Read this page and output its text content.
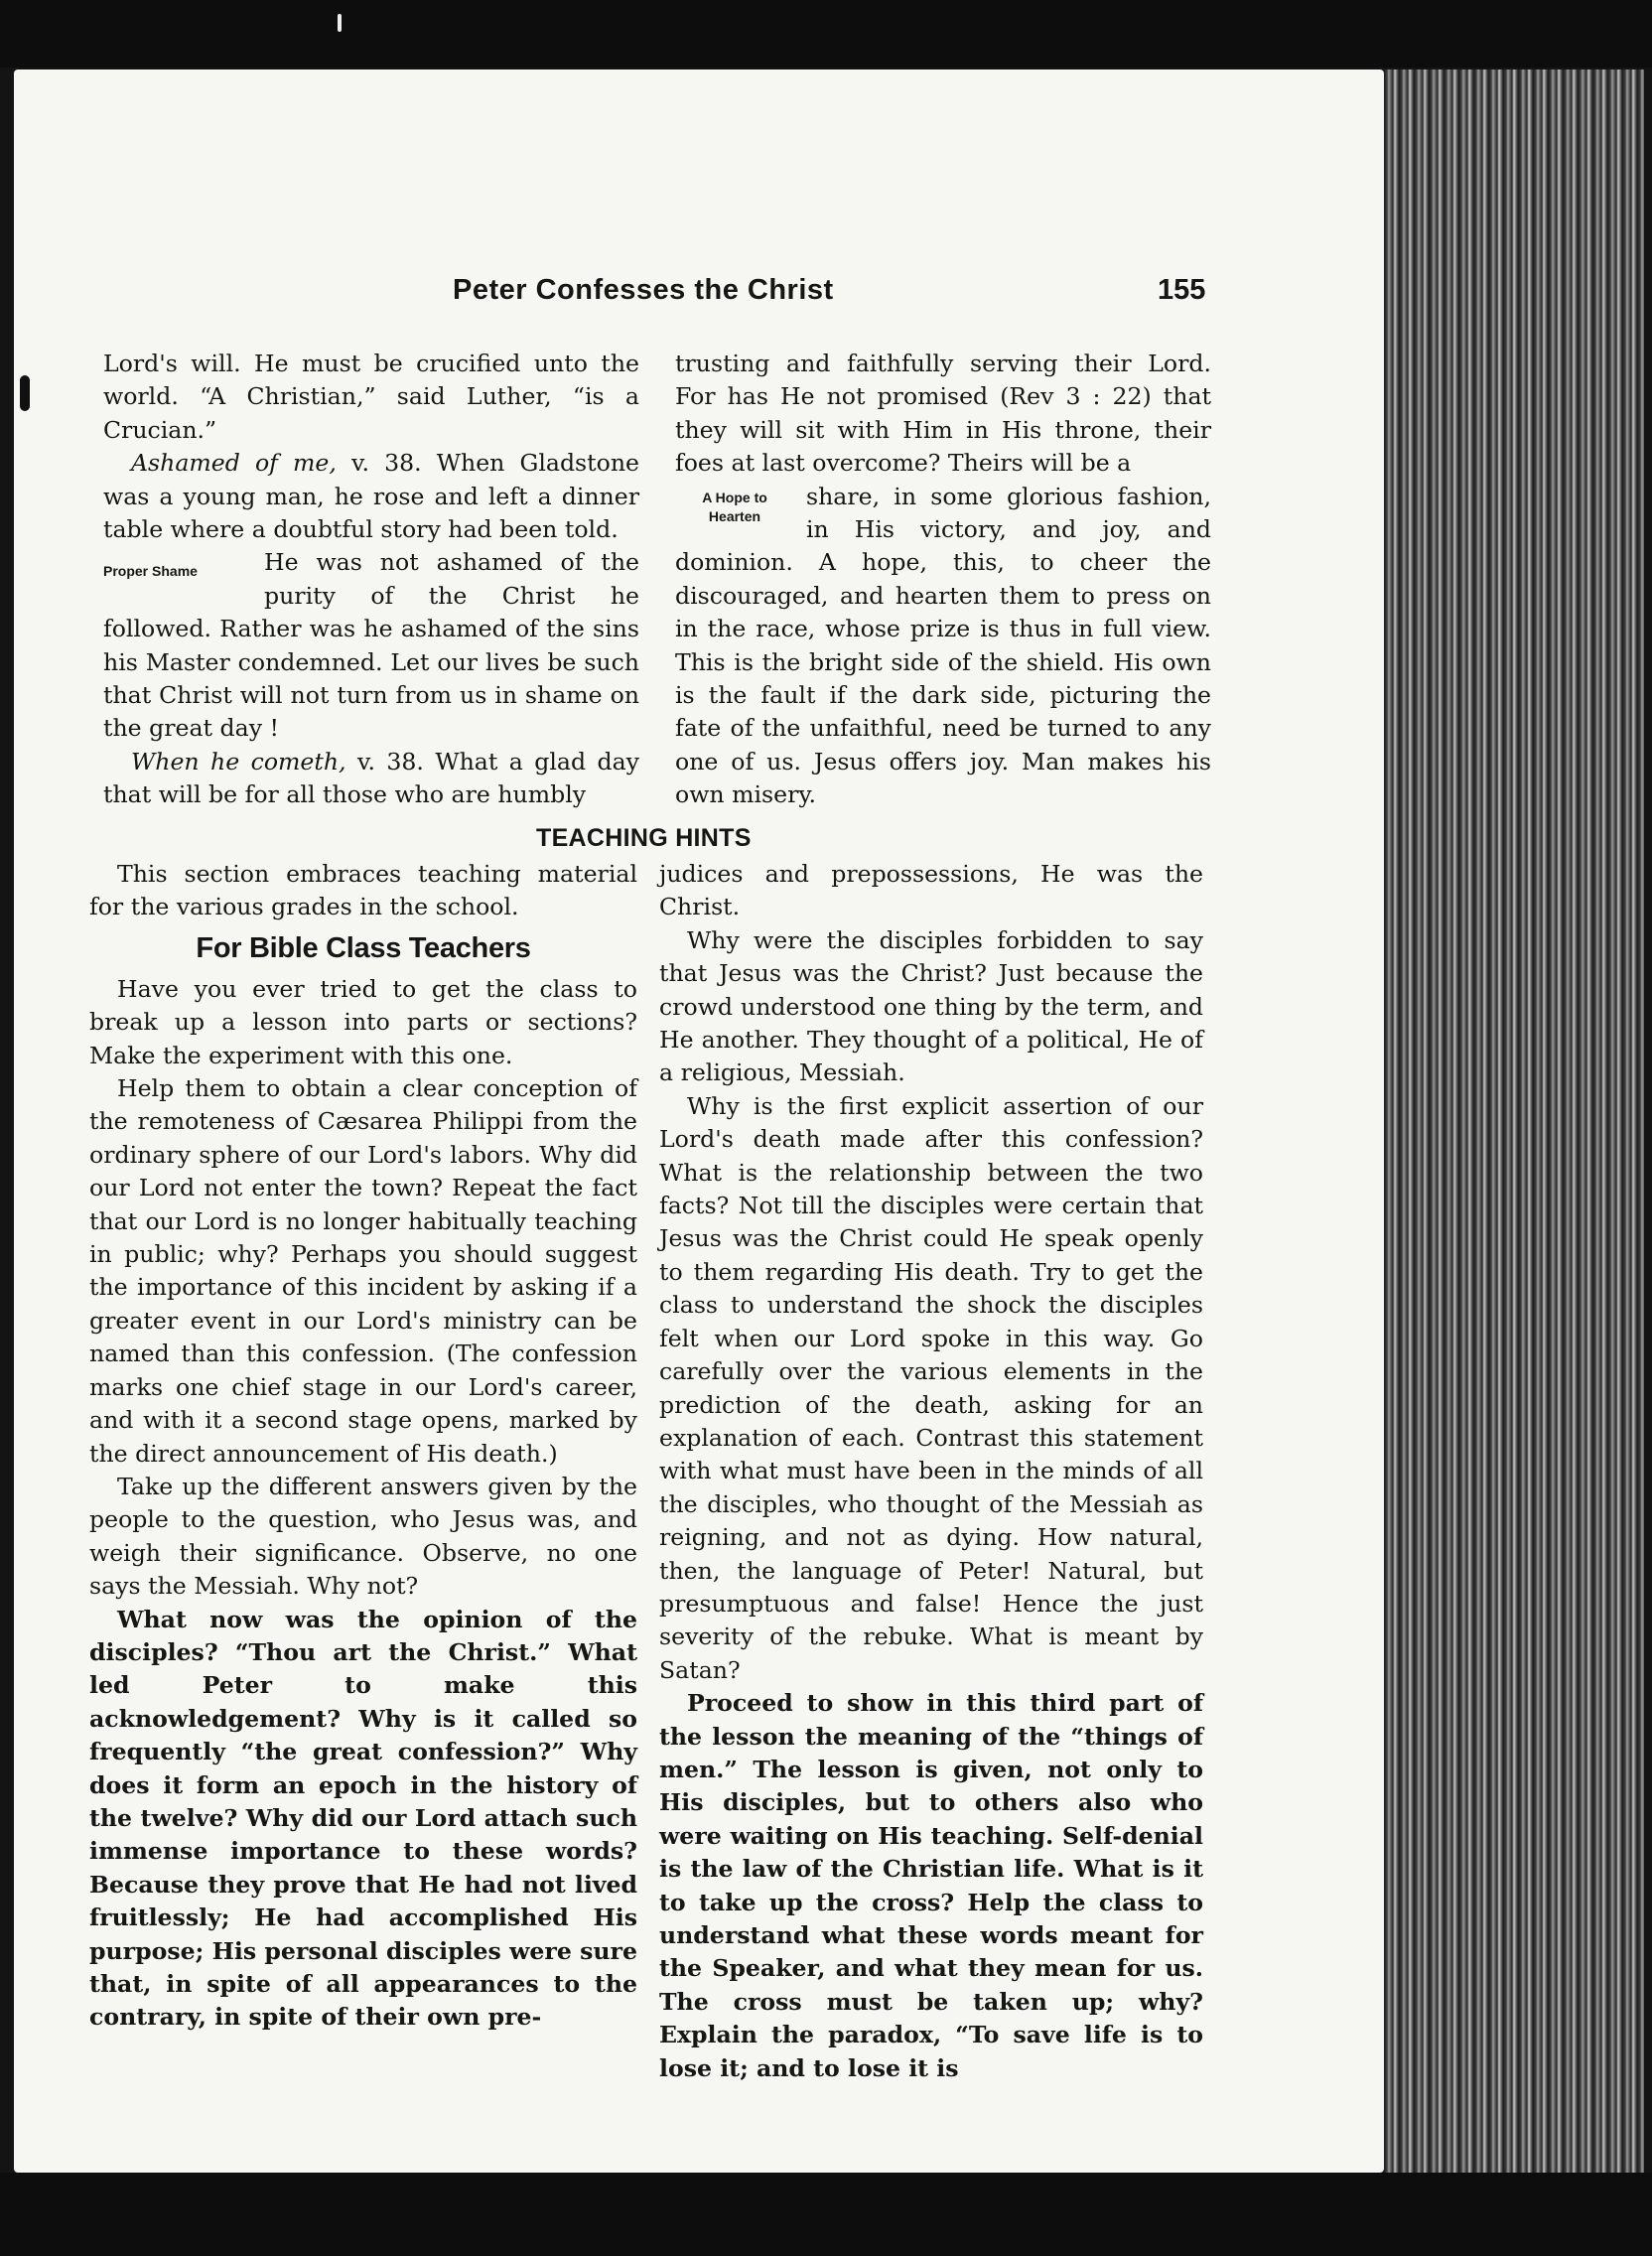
Peter Confesses the Christ	155

Lord's will. He must be crucified unto the world. “A Christian,” said Luther, “is a Crucian.”

Ashamed of me, v. 38. When Gladstone was a young man, he rose and left a dinner table where a doubtful story had been told.

Proper Shame	He was not ashamed of the purity of the Christ he followed. Rather was he ashamed of the sins his Master condemned. Let our lives be such that Christ will not turn from us in shame on the great day !

When he cometh, v. 38. What a glad day that will be for all those who are humbly

trusting and faithfully serving their Lord. For has He not promised (Rev 3 : 22) that they will sit with Him in His throne, their foes at last overcome? Theirs will be a

A Hope to Hearten

share, in some glorious fashion, in His victory, and joy, and dominion. A hope, this, to cheer the discouraged, and hearten them to press on in the race, whose prize is thus in full view. This is the bright side of the shield. His own is the fault if the dark side, picturing the fate of the unfaithful, need be turned to any one of us. Jesus offers joy. Man makes his own misery.

TEACHING HINTS

This section embraces teaching material for the various grades in the school.

For Bible Class Teachers

Have you ever tried to get the class to break up a lesson into parts or sections? Make the experiment with this one.

Help them to obtain a clear conception of the remoteness of Cæsarea Philippi from the ordinary sphere of our Lord's labors. Why did our Lord not enter the town? Repeat the fact that our Lord is no longer habitually teaching in public; why? Perhaps you should suggest the importance of this incident by asking if a greater event in our Lord's ministry can be named than this confession. (The confession marks one chief stage in our Lord's career, and with it a second stage opens, marked by the direct announcement of His death.)

Take up the different answers given by the people to the question, who Jesus was, and weigh their significance. Observe, no one says the Messiah. Why not?

What now was the opinion of the disciples? “Thou art the Christ.” What led Peter to make this acknowledgement? Why is it called so frequently “the great confession?” Why does it form an epoch in the history of the twelve? Why did our Lord attach such immense importance to these words? Because they prove that He had not lived fruitlessly; He had accomplished His purpose; His personal disciples were sure that, in spite of all appearances to the contrary, in spite of their own pre-

judices and prepossessions, He was the Christ.

Why were the disciples forbidden to say that Jesus was the Christ? Just because the crowd understood one thing by the term, and He another. They thought of a political, He of a religious, Messiah.

Why is the first explicit assertion of our Lord's death made after this confession? What is the relationship between the two facts? Not till the disciples were certain that Jesus was the Christ could He speak openly to them regarding His death. Try to get the class to understand the shock the disciples felt when our Lord spoke in this way. Go carefully over the various elements in the prediction of the death, asking for an explanation of each. Contrast this statement with what must have been in the minds of all the disciples, who thought of the Messiah as reigning, and not as dying. How natural, then, the language of Peter! Natural, but presumptuous and false! Hence the just severity of the rebuke. What is meant by Satan?

Proceed to show in this third part of the lesson the meaning of the “things of men.” The lesson is given, not only to His disciples, but to others also who were waiting on His teaching. Self-denial is the law of the Christian life. What is it to take up the cross? Help the class to understand what these words meant for the Speaker, and what they mean for us. The cross must be taken up; why? Explain the paradox, “To save life is to lose it; and to lose it is
